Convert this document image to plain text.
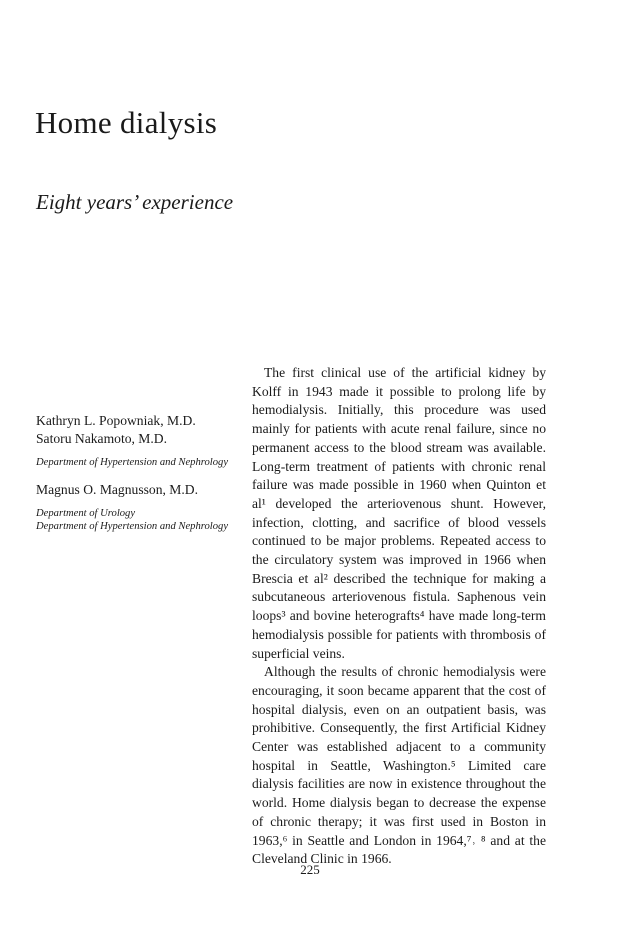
Home dialysis
Eight years’ experience
Kathryn L. Popowniak, M.D.
Satoru Nakamoto, M.D.
Department of Hypertension and Nephrology
Magnus O. Magnusson, M.D.
Department of Urology
Department of Hypertension and Nephrology

The first clinical use of the artificial kidney by Kolff in 1943 made it possible to prolong life by hemodialysis. Initially, this procedure was used mainly for patients with acute renal failure, since no permanent access to the blood stream was available. Long-term treatment of patients with chronic renal failure was made possible in 1960 when Quinton et al¹ developed the arteriovenous shunt. However, infection, clotting, and sacrifice of blood vessels continued to be major problems. Repeated access to the circulatory system was improved in 1966 when Brescia et al² described the technique for making a subcutaneous arteriovenous fistula. Saphenous vein loops³ and bovine heterografts⁴ have made long-term hemodialysis possible for patients with thrombosis of superficial veins.

Although the results of chronic hemodialysis were encouraging, it soon became apparent that the cost of hospital dialysis, even on an outpatient basis, was prohibitive. Consequently, the first Artificial Kidney Center was established adjacent to a community hospital in Seattle, Washington.⁵ Limited care dialysis facilities are now in existence throughout the world. Home dialysis began to decrease the expense of chronic therapy; it was first used in Boston in 1963,⁶ in Seattle and London in 1964,⁷˒ ⁸ and at the Cleveland Clinic in 1966.

225
